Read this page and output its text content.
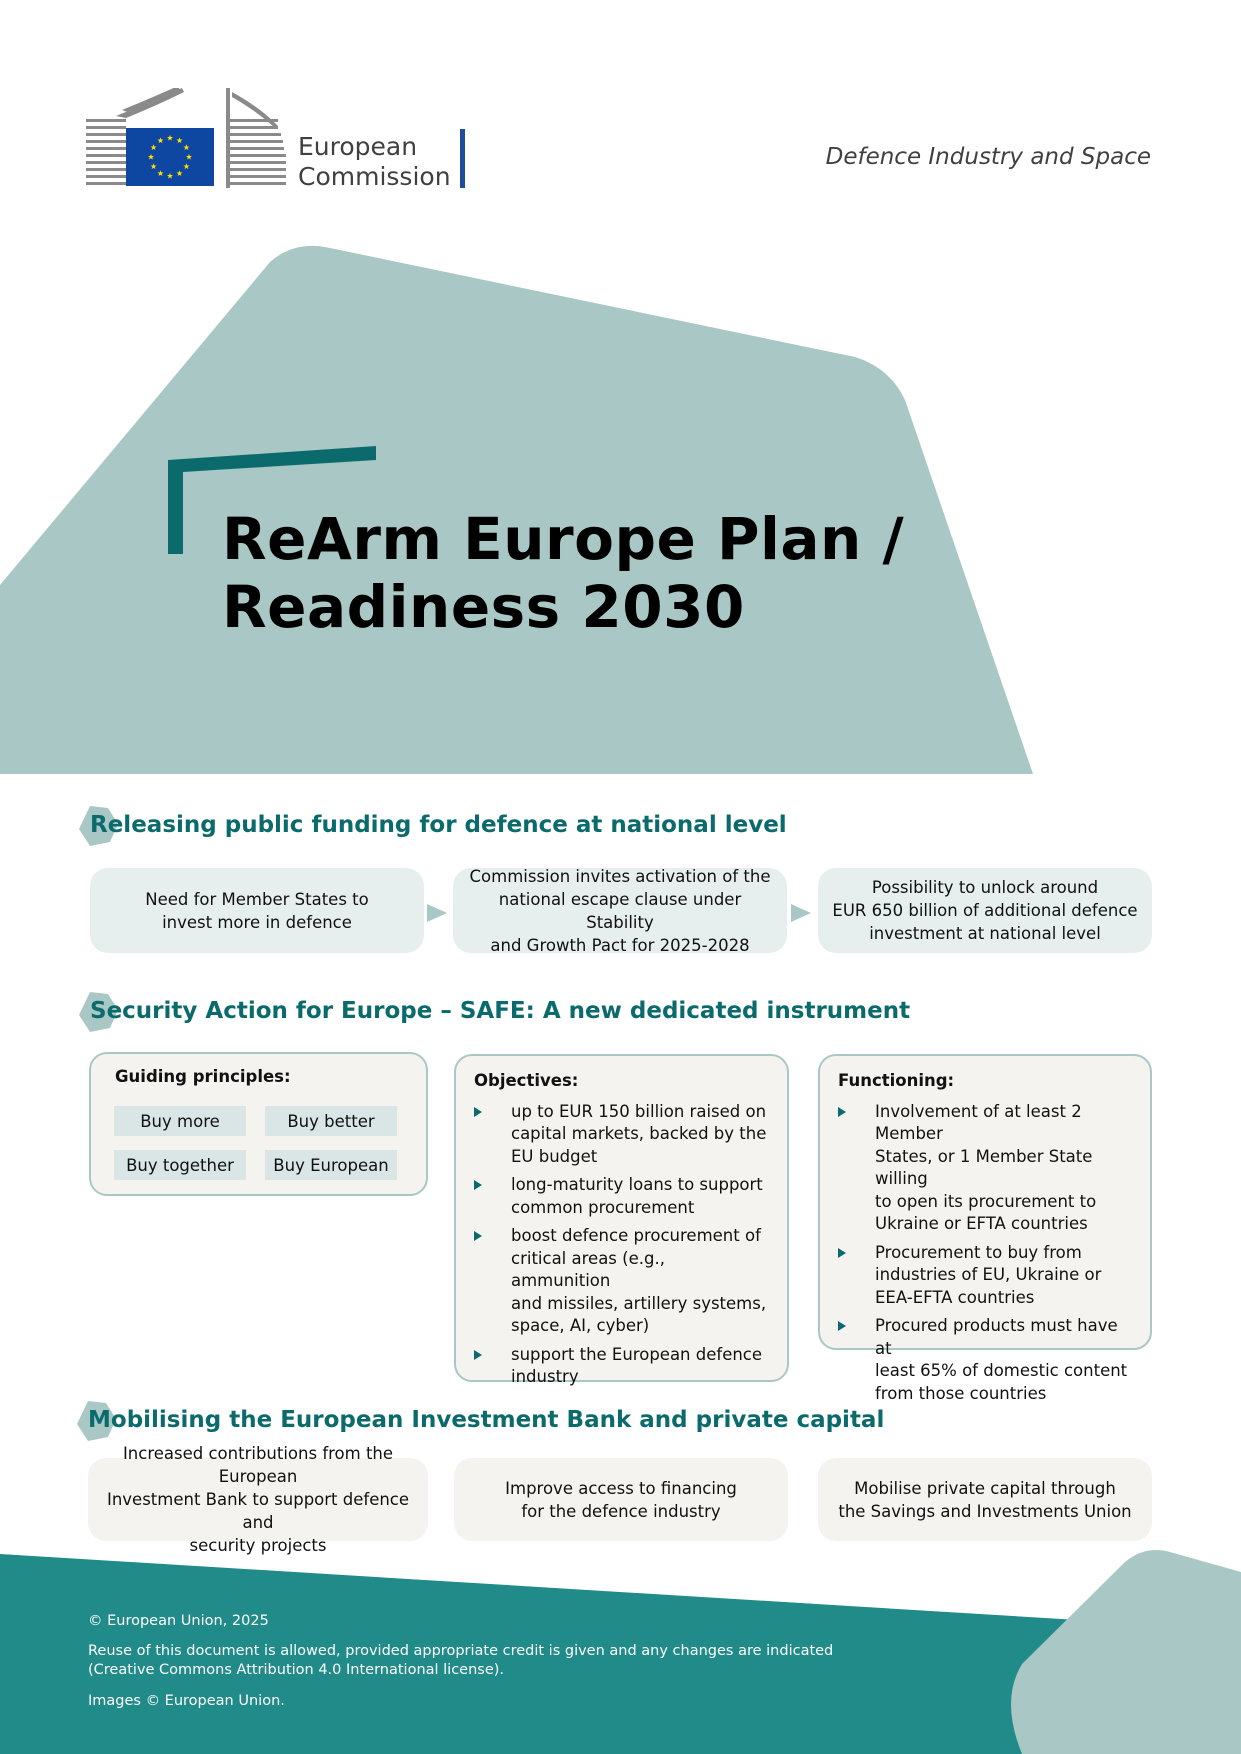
European
Commission
Defence Industry and Space
ReArm Europe Plan /
Readiness 2030
Releasing public funding for defence at national level
Need for Member States to
invest more in defence
Commission invites activation of the
national escape clause under Stability
and Growth Pact for 2025-2028
Possibility to unlock around
EUR 650 billion of additional defence
investment at national level
Security Action for Europe – SAFE: A new dedicated instrument
Guiding principles:
Buy more	Buy better
Buy together	Buy European
Objectives:
up to EUR 150 billion raised on
capital markets, backed by the
EU budget
long-maturity loans to support
common procurement
boost defence procurement of
critical areas (e.g., ammunition
and missiles, artillery systems,
space, AI, cyber)
support the European defence
industry
Functioning:
Involvement of at least 2 Member
States, or 1 Member State willing
to open its procurement to
Ukraine or EFTA countries
Procurement to buy from
industries of EU, Ukraine or
EEA-EFTA countries
Procured products must have at
least 65% of domestic content
from those countries
Mobilising the European Investment Bank and private capital
Increased contributions from the European
Investment Bank to support defence and
security projects
Improve access to financing
for the defence industry
Mobilise private capital through
the Savings and Investments Union
© European Union, 2025
Reuse of this document is allowed, provided appropriate credit is given and any changes are indicated
(Creative Commons Attribution 4.0 International license).
Images © European Union.
